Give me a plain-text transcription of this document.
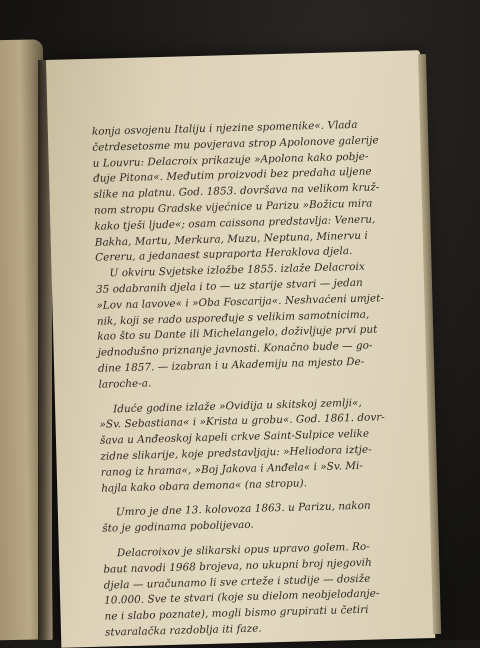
konja osvojenu Italiju i njezine spomenike«. Vlada
četrdesetosme mu povjerava strop Apolonove galerije
u Louvru: Delacroix prikazuje »Apolona kako pobje-
đuje Pitona«. Međutim proizvodi bez predaha uljene
slike na platnu. God. 1853. dovršava na velikom kruž-
nom stropu Gradske vijećnice u Parizu »Božicu mira
kako tješi ljude«; osam caissona predstavlja: Veneru,
Bakha, Martu, Merkura, Muzu, Neptuna, Minervu i
Cereru, a jedanaest supraporta Heraklova djela.

U okviru Svjetske izložbe 1855. izlaže Delacroix
35 odabranih djela i to — uz starije stvari — jedan
»Lov na lavove« i »Oba Foscarija«. Neshvaćeni umjet-
nik, koji se rado uspoređuje s velikim samotnicima,
kao što su Dante ili Michelangelo, doživljuje prvi put
jednodušno priznanje javnosti. Konačno bude — go-
dine 1857. — izabran i u Akademiju na mjesto De-
laroche-a.

Iduće godine izlaže »Ovidija u skitskoj zemlji«,
»Sv. Sebastiana« i »Krista u grobu«. God. 1861. dovr-
šava u Anđeoskoj kapeli crkve Saint-Sulpice velike
zidne slikarije, koje predstavljaju: »Heliodora iztje-
ranog iz hrama«, »Boj Jakova i Anđela« i »Sv. Mi-
hajla kako obara demona« (na stropu).

Umro je dne 13. kolovoza 1863. u Parizu, nakon
što je godinama pobolijevao.

Delacroixov je slikarski opus upravo golem. Ro-
baut navodi 1968 brojeva, no ukupni broj njegovih
djela — uračunamo li sve crteže i studije — dosiže
10.000. Sve te stvari (koje su dielom neobjelodanje-
ne i slabo poznate), mogli bismo grupirati u četiri
stvaralačka razdoblja iti faze.
